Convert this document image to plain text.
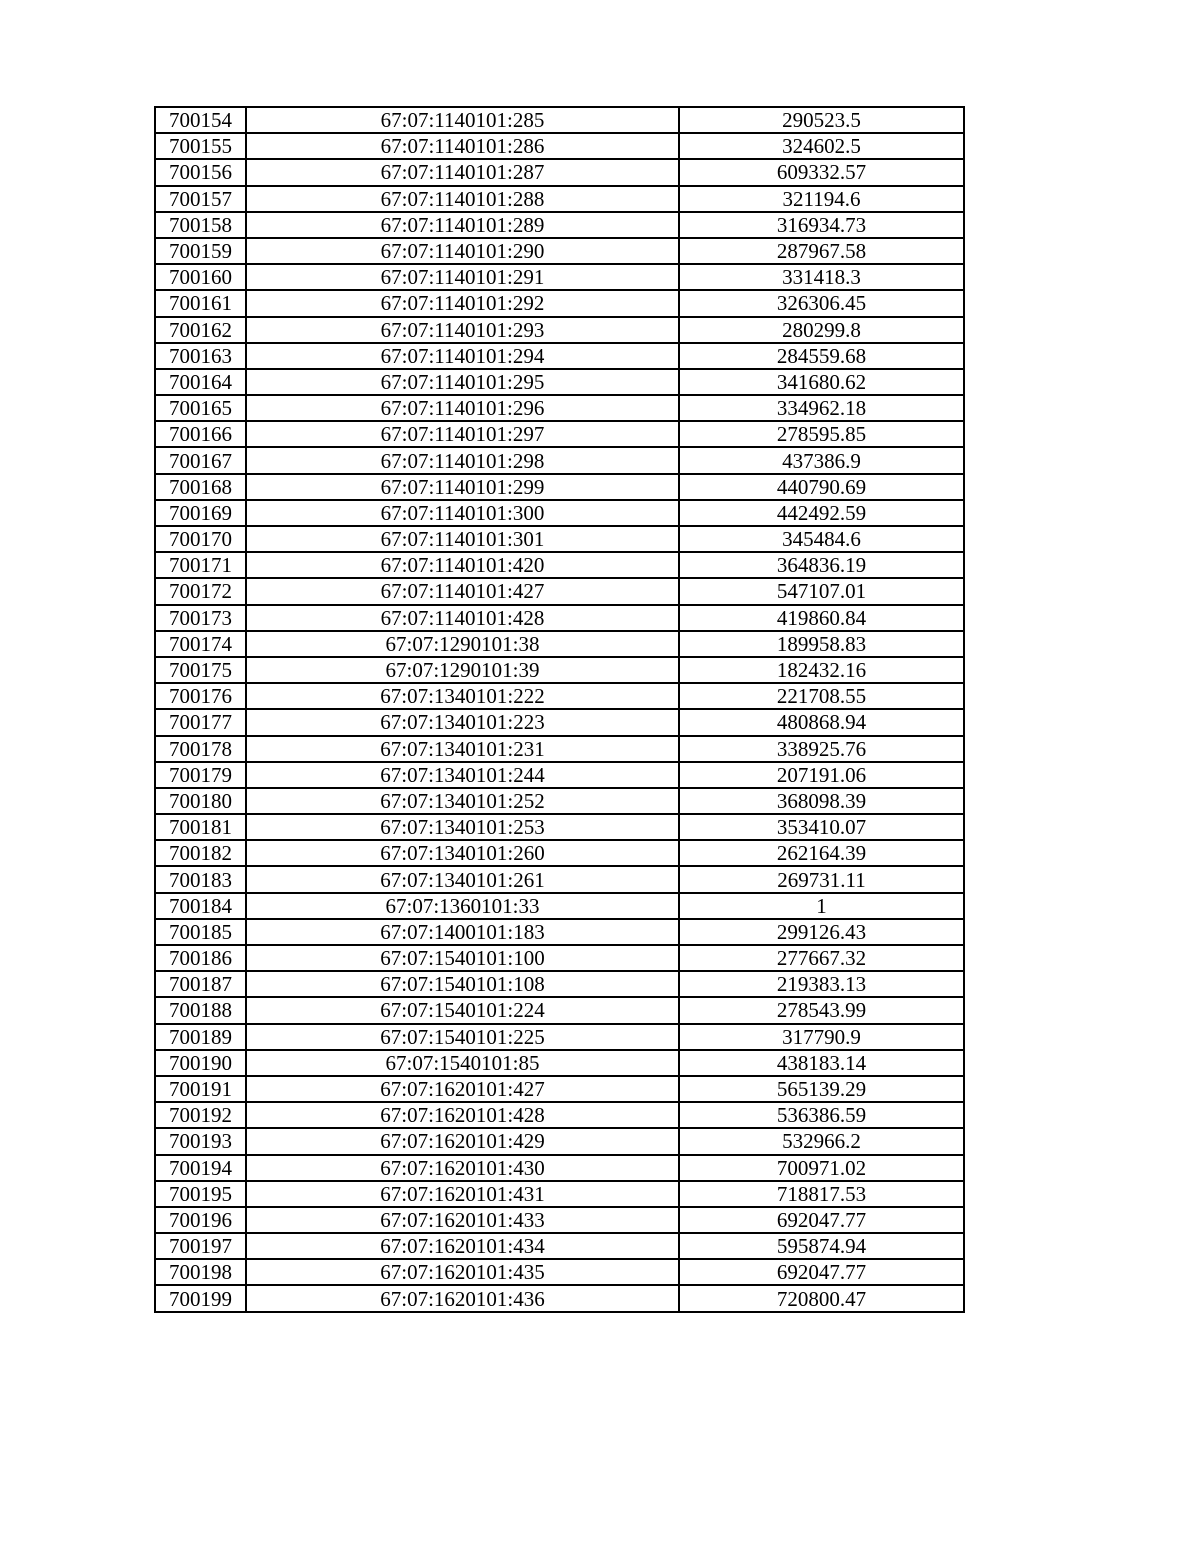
700154	67:07:1140101:285	290523.5
700155	67:07:1140101:286	324602.5
700156	67:07:1140101:287	609332.57
700157	67:07:1140101:288	321194.6
700158	67:07:1140101:289	316934.73
700159	67:07:1140101:290	287967.58
700160	67:07:1140101:291	331418.3
700161	67:07:1140101:292	326306.45
700162	67:07:1140101:293	280299.8
700163	67:07:1140101:294	284559.68
700164	67:07:1140101:295	341680.62
700165	67:07:1140101:296	334962.18
700166	67:07:1140101:297	278595.85
700167	67:07:1140101:298	437386.9
700168	67:07:1140101:299	440790.69
700169	67:07:1140101:300	442492.59
700170	67:07:1140101:301	345484.6
700171	67:07:1140101:420	364836.19
700172	67:07:1140101:427	547107.01
700173	67:07:1140101:428	419860.84
700174	67:07:1290101:38	189958.83
700175	67:07:1290101:39	182432.16
700176	67:07:1340101:222	221708.55
700177	67:07:1340101:223	480868.94
700178	67:07:1340101:231	338925.76
700179	67:07:1340101:244	207191.06
700180	67:07:1340101:252	368098.39
700181	67:07:1340101:253	353410.07
700182	67:07:1340101:260	262164.39
700183	67:07:1340101:261	269731.11
700184	67:07:1360101:33	1
700185	67:07:1400101:183	299126.43
700186	67:07:1540101:100	277667.32
700187	67:07:1540101:108	219383.13
700188	67:07:1540101:224	278543.99
700189	67:07:1540101:225	317790.9
700190	67:07:1540101:85	438183.14
700191	67:07:1620101:427	565139.29
700192	67:07:1620101:428	536386.59
700193	67:07:1620101:429	532966.2
700194	67:07:1620101:430	700971.02
700195	67:07:1620101:431	718817.53
700196	67:07:1620101:433	692047.77
700197	67:07:1620101:434	595874.94
700198	67:07:1620101:435	692047.77
700199	67:07:1620101:436	720800.47
